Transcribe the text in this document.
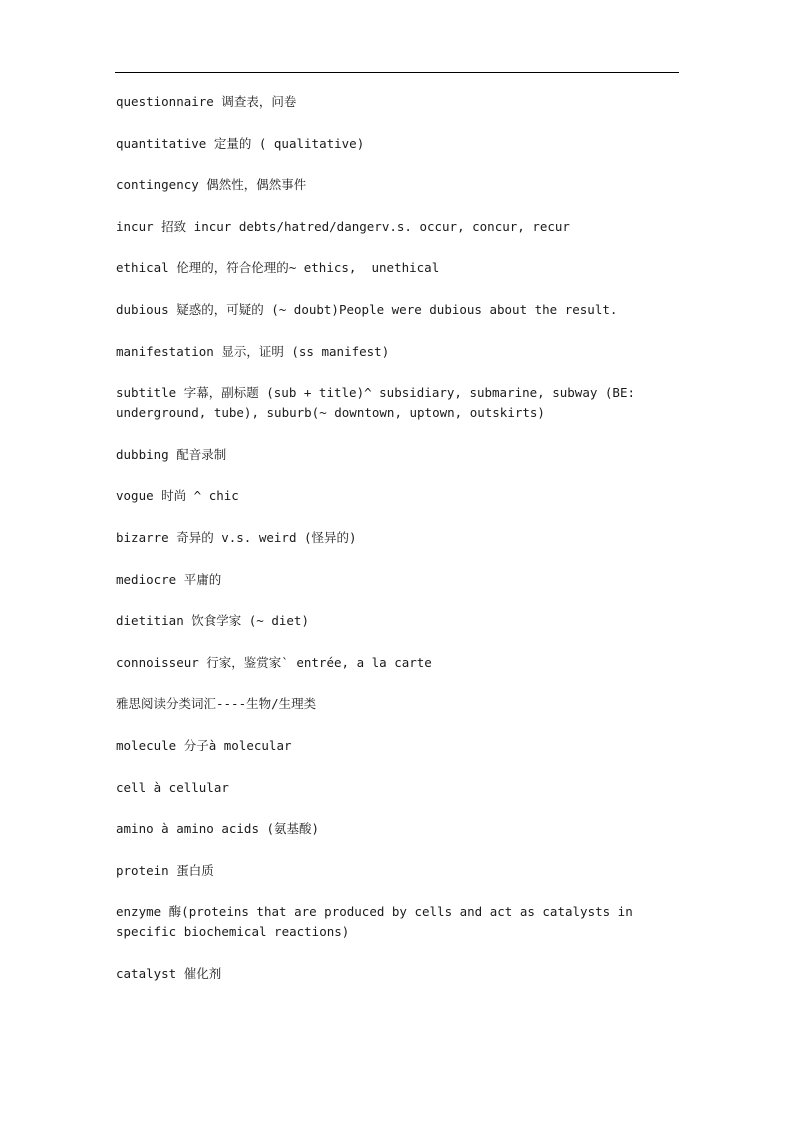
questionnaire 调查表，问卷

quantitative 定量的 ( qualitative)

contingency 偶然性，偶然事件

incur 招致 incur debts/hatred/dangerv.s. occur, concur, recur

ethical 伦理的，符合伦理的~ ethics,  unethical

dubious 疑惑的，可疑的 (~ doubt)People were dubious about the result.

manifestation 显示，证明 (ss manifest)

subtitle 字幕，副标题 (sub + title)^ subsidiary, submarine, subway (BE: underground, tube), suburb(~ downtown, uptown, outskirts)

dubbing 配音录制

vogue 时尚 ^ chic

bizarre 奇异的 v.s. weird (怪异的)

mediocre 平庸的

dietitian 饮食学家 (~ diet)

connoisseur 行家，鉴赏家` entrée, a la carte

雅思阅读分类词汇----生物/生理类

molecule 分子à molecular

cell à cellular

amino à amino acids (氨基酸)

protein 蛋白质

enzyme 酶(proteins that are produced by cells and act as catalysts in specific biochemical reactions)

catalyst 催化剂
